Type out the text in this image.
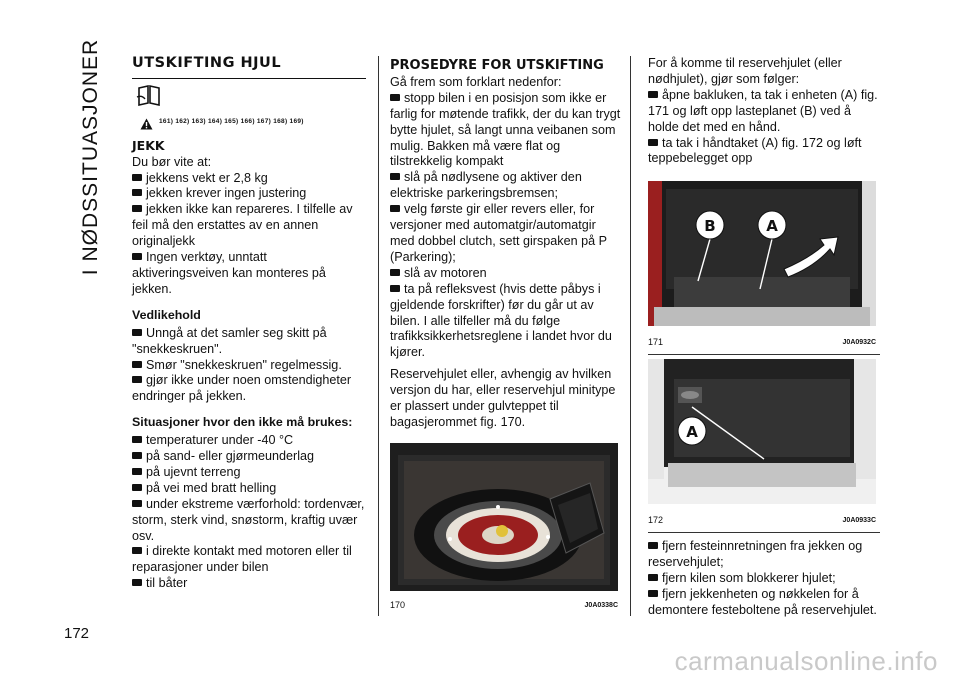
I NØDSSITUASJONER
172
UTSKIFTING HJUL
161) 162) 163) 164) 165) 166) 167) 168) 169)
JEKK

Du bør vite at:

jekkens vekt er 2,8 kg

jekken krever ingen justering

jekken ikke kan repareres. I tilfelle av feil må den erstattes av en annen originaljekk

Ingen verktøy, unntatt aktiveringsveiven kan monteres på jekken.

Vedlikehold

Unngå at det samler seg skitt på "snekkeskruen".

Smør "snekkeskruen" regelmessig.

gjør ikke under noen omstendigheter endringer på jekken.

Situasjoner hvor den ikke må brukes:

temperaturer under -40 °C

på sand- eller gjørmeunderlag

på ujevnt terreng

på vei med bratt helling

under ekstreme værforhold: tordenvær, storm, sterk vind, snøstorm, kraftig uvær osv.

i direkte kontakt med motoren eller til reparasjoner under bilen

til båter

PROSEDYRE FOR UTSKIFTING

Gå frem som forklart nedenfor:

stopp bilen i en posisjon som ikke er farlig for møtende trafikk, der du kan trygt bytte hjulet, så langt unna veibanen som mulig. Bakken må være flat og tilstrekkelig kompakt

slå på nødlysene og aktiver den elektriske parkeringsbremsen;

velg første gir eller revers eller, for versjoner med automatgir/automatgir med dobbel clutch, sett girspaken på P (Parkering);

slå av motoren

ta på refleksvest (hvis dette påbys i gjeldende forskrifter) før du går ut av bilen. I alle tilfeller må du følge trafikksikkerhetsreglene i landet hvor du kjører.

Reservehjulet eller, avhengig av hvilken versjon du har, eller reservehjul minitype er plassert under gulvteppet til bagasjerommet fig. 170.

170	J0A0338C

For å komme til reservehjulet (eller nødhjulet), gjør som følger:

åpne bakluken, ta tak i enheten (A) fig. 171 og løft opp lasteplanet (B) ved å holde det med en hånd.

ta tak i håndtaket (A) fig. 172 og løft teppebelegget opp

B	A
171	J0A0932C
A
172	J0A0933C

fjern festeinnretningen fra jekken og reservehjulet;

fjern kilen som blokkerer hjulet;

fjern jekkenheten og nøkkelen for å demontere festeboltene på reservehjulet.

carmanualsonline.info
